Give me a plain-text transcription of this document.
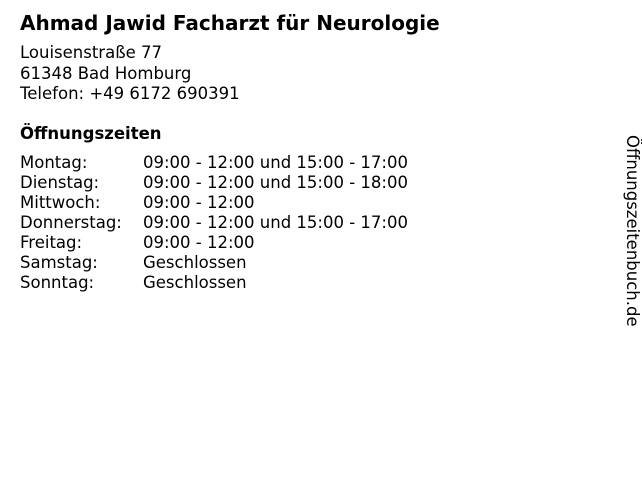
Ahmad Jawid Facharzt für Neurologie
Louisenstraße 77
61348 Bad Homburg
Telefon: +49 6172 690391
Öffnungszeiten
Montag:	09:00 - 12:00 und 15:00 - 17:00
Dienstag:	09:00 - 12:00 und 15:00 - 18:00
Mittwoch:	09:00 - 12:00
Donnerstag:	09:00 - 12:00 und 15:00 - 17:00
Freitag:	09:00 - 12:00
Samstag:	Geschlossen
Sonntag:	Geschlossen	Öffnungszeitenbuch.de
